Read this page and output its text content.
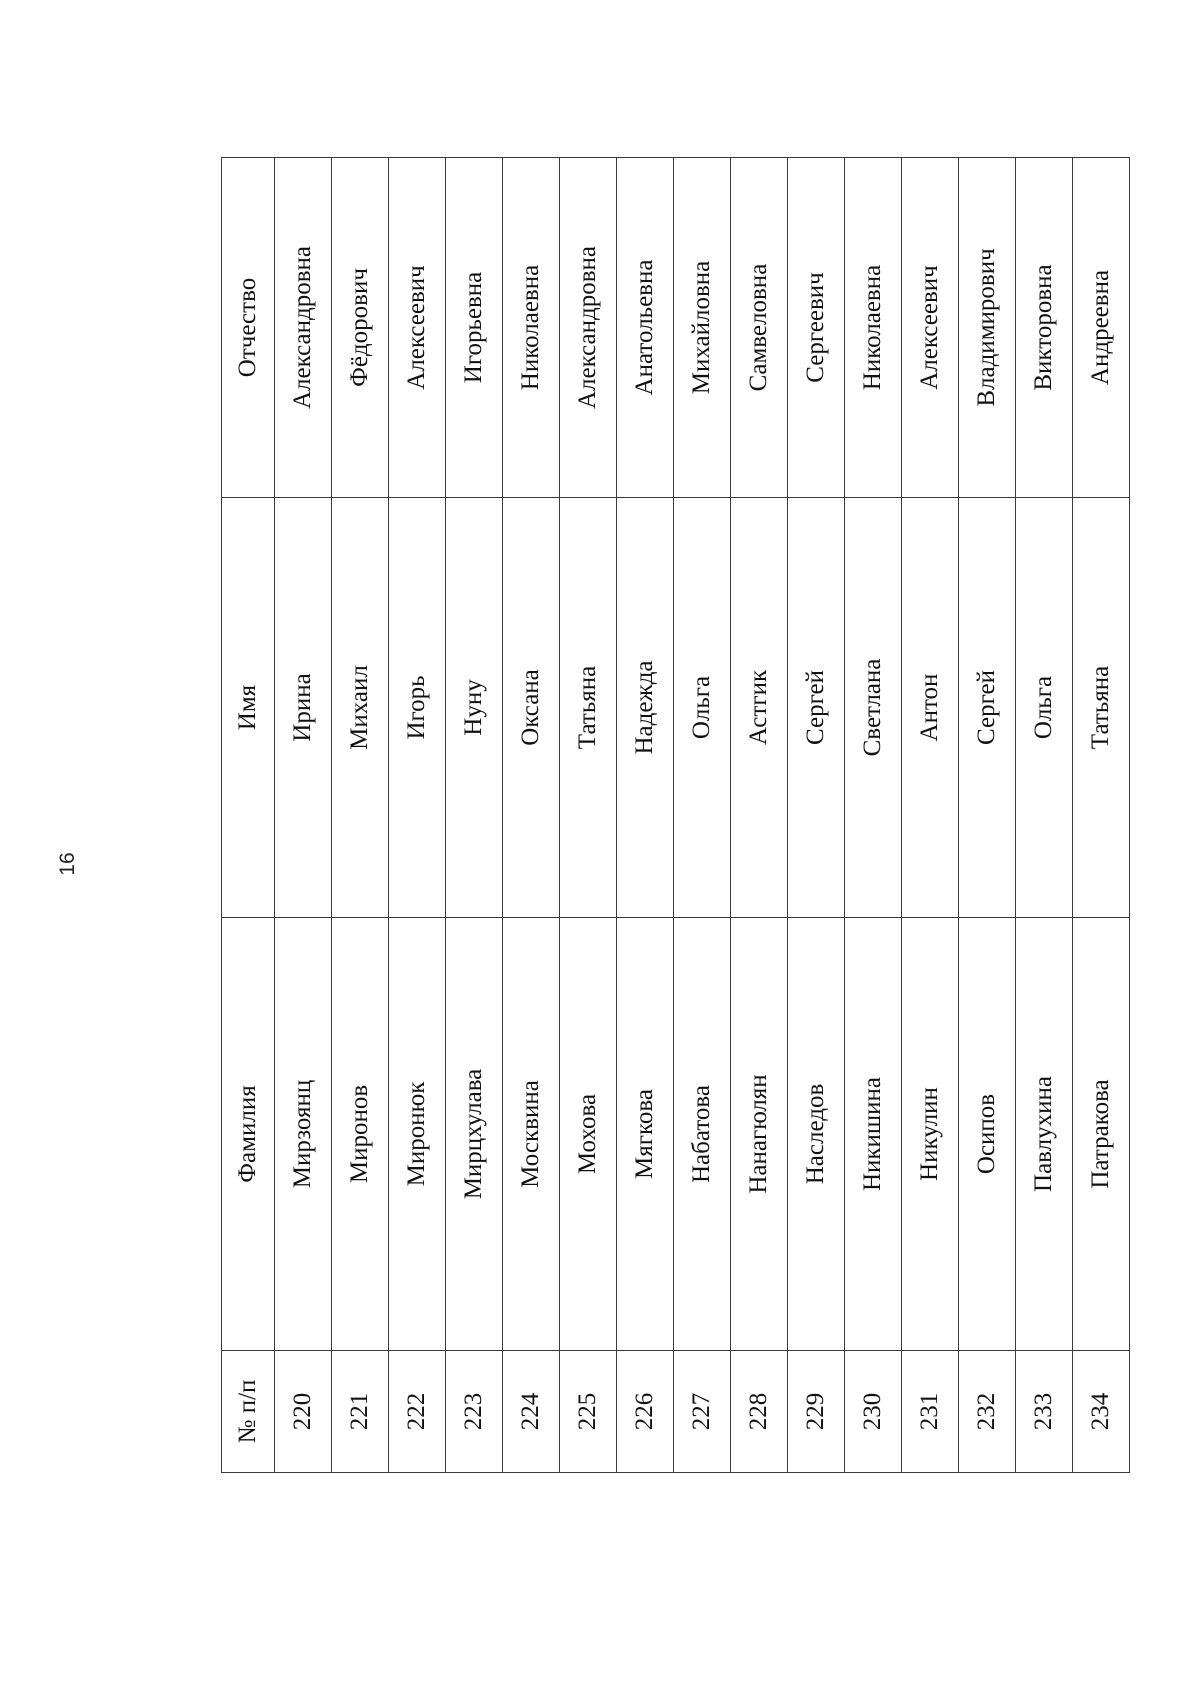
16
№ п/п	Фамилия	Имя	Отчество
220	Мирзоянц	Ирина	Александровна
221	Миронов	Михаил	Фёдорович
222	Миронюк	Игорь	Алексеевич
223	Мирцхулава	Нуну	Игорьевна
224	Москвина	Оксана	Николаевна
225	Мохова	Татьяна	Александровна
226	Мягкова	Надежда	Анатольевна
227	Набатова	Ольга	Михайловна
228	Нанагюлян	Астгик	Самвеловна
229	Наследов	Сергей	Сергеевич
230	Никишина	Светлана	Николаевна
231	Никулин	Антон	Алексеевич
232	Осипов	Сергей	Владимирович
233	Павлухина	Ольга	Викторовна
234	Патракова	Татьяна	Андреевна
